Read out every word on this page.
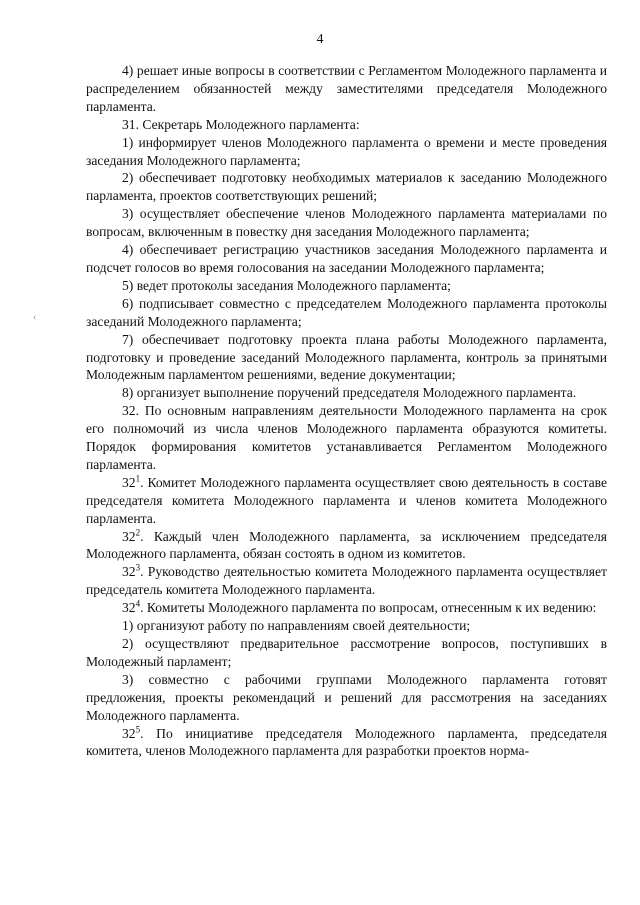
4
‹

4) решает иные вопросы в соответствии с Регламентом Молодежного парламента и распределением обязанностей между заместителями председателя Молодежного парламента.

31. Секретарь Молодежного парламента:

1) информирует членов Молодежного парламента о времени и месте проведения заседания Молодежного парламента;

2) обеспечивает подготовку необходимых материалов к заседанию Молодежного парламента, проектов соответствующих решений;

3) осуществляет обеспечение членов Молодежного парламента материалами по вопросам, включенным в повестку дня заседания Молодежного парламента;

4) обеспечивает регистрацию участников заседания Молодежного парламента и подсчет голосов во время голосования на заседании Молодежного парламента;

5) ведет протоколы заседания Молодежного парламента;

6) подписывает совместно с председателем Молодежного парламента протоколы заседаний Молодежного парламента;

7) обеспечивает подготовку проекта плана работы Молодежного парламента, подготовку и проведение заседаний Молодежного парламента, контроль за принятыми Молодежным парламентом решениями, ведение документации;

8) организует выполнение поручений председателя Молодежного парламента.

32. По основным направлениям деятельности Молодежного парламента на срок его полномочий из числа членов Молодежного парламента образуются комитеты. Порядок формирования комитетов устанавливается Регламентом Молодежного парламента.

$32^1$. Комитет Молодежного парламента осуществляет свою деятельность в составе председателя комитета Молодежного парламента и членов комитета Молодежного парламента.

$32^2$. Каждый член Молодежного парламента, за исключением председателя Молодежного парламента, обязан состоять в одном из комитетов.

$32^3$. Руководство деятельностью комитета Молодежного парламента осуществляет председатель комитета Молодежного парламента.

$32^4$. Комитеты Молодежного парламента по вопросам, отнесенным к их ведению:

1) организуют работу по направлениям своей деятельности;

2) осуществляют предварительное рассмотрение вопросов, поступивших в Молодежный парламент;

3) совместно с рабочими группами Молодежного парламента готовят предложения, проекты рекомендаций и решений для рассмотрения на заседаниях Молодежного парламента.

$32^5$. По инициативе председателя Молодежного парламента, председателя комитета, членов Молодежного парламента для разработки проектов норма-
